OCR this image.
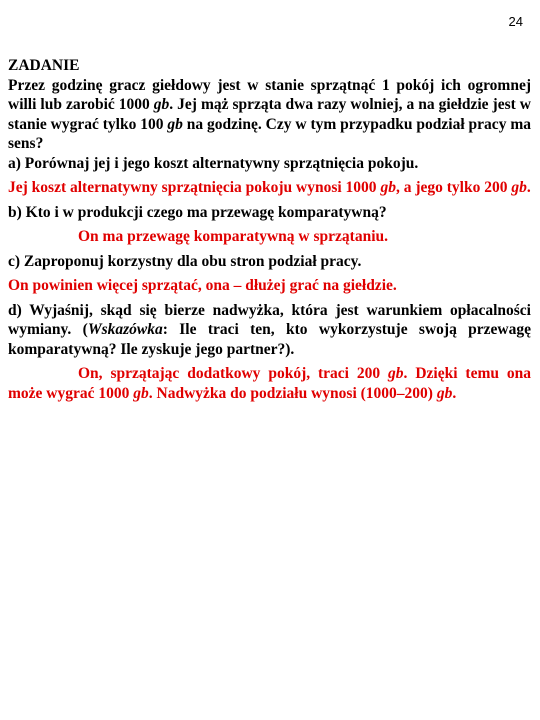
24

ZADANIE

Przez godzinę gracz giełdowy jest w stanie sprzątnąć 1 pokój ich ogromnej willi lub zarobić 1000 gb. Jej mąż sprząta dwa razy wolniej, a na giełdzie jest w stanie wygrać tylko 100 gb na godzinę. Czy w tym przypadku podział pracy ma sens?

a) Porównaj jej i jego koszt alternatywny sprzątnięcia pokoju.

Jej koszt alternatywny sprzątnięcia pokoju wynosi 1000 gb, a jego tylko 200 gb.

b) Kto i w produkcji czego ma przewagę komparatywną?

On ma przewagę komparatywną w sprzątaniu.

c) Zaproponuj korzystny dla obu stron podział pracy.

On powinien więcej sprzątać, ona – dłużej grać na giełdzie.

d) Wyjaśnij, skąd się bierze nadwyżka, która jest warunkiem opłacalności wymiany. (Wskazówka: Ile traci ten, kto wykorzystuje swoją przewagę komparatywną? Ile zyskuje jego partner?).

On, sprzątając dodatkowy pokój, traci 200 gb. Dzięki temu ona może wygrać 1000 gb. Nadwyżka do podziału wynosi (1000–200) gb.
